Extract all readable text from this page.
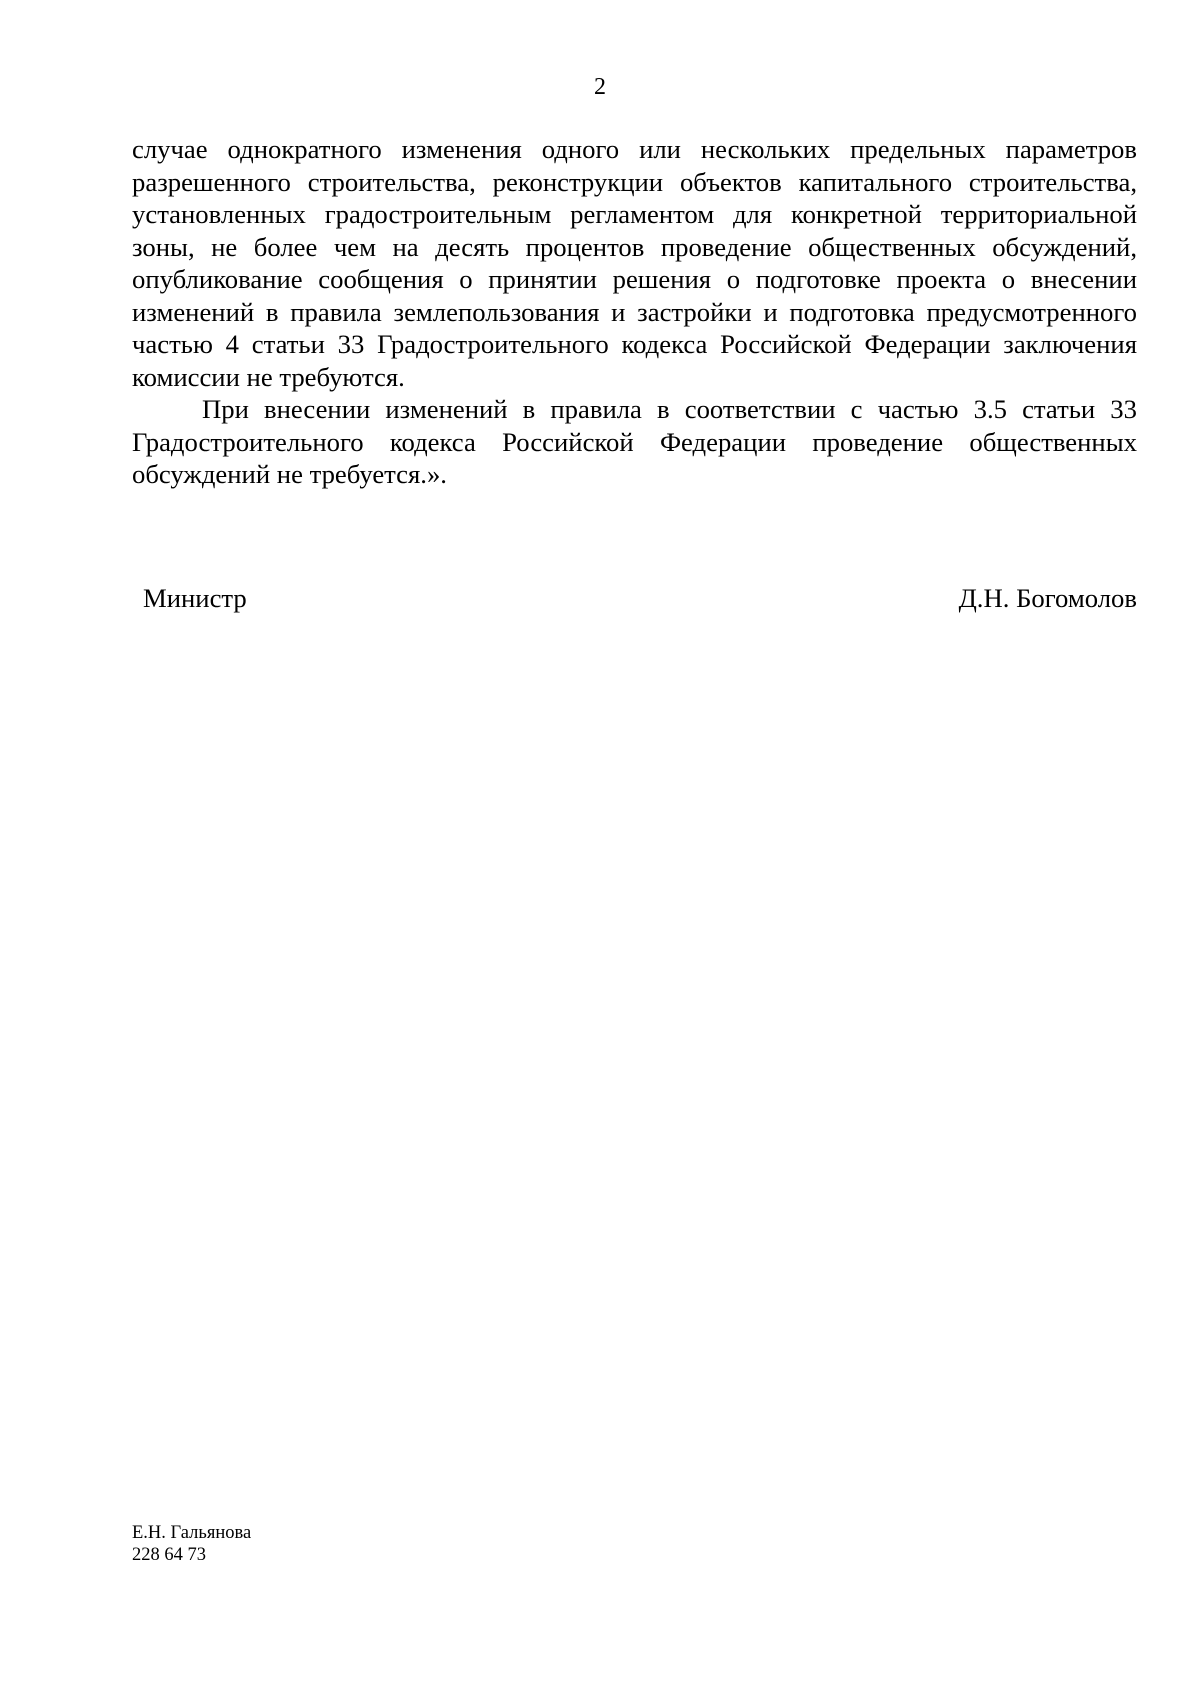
2

случае однократного изменения одного или нескольких предельных параметров разрешенного строительства, реконструкции объектов капитального строительства, установленных градостроительным регламентом для конкретной территориальной зоны, не более чем на десять процентов проведение общественных обсуждений, опубликование сообщения о принятии решения о подготовке проекта о внесении изменений в правила землепользования и застройки и подготовка предусмотренного частью 4 статьи 33 Градостроительного кодекса Российской Федерации заключения комиссии не требуются.

При внесении изменений в правила в соответствии с частью 3.5 статьи 33 Градостроительного кодекса Российской Федерации проведение общественных обсуждений не требуется.».

Министр	Д.Н. Богомолов
Е.Н. Гальянова
228 64 73
